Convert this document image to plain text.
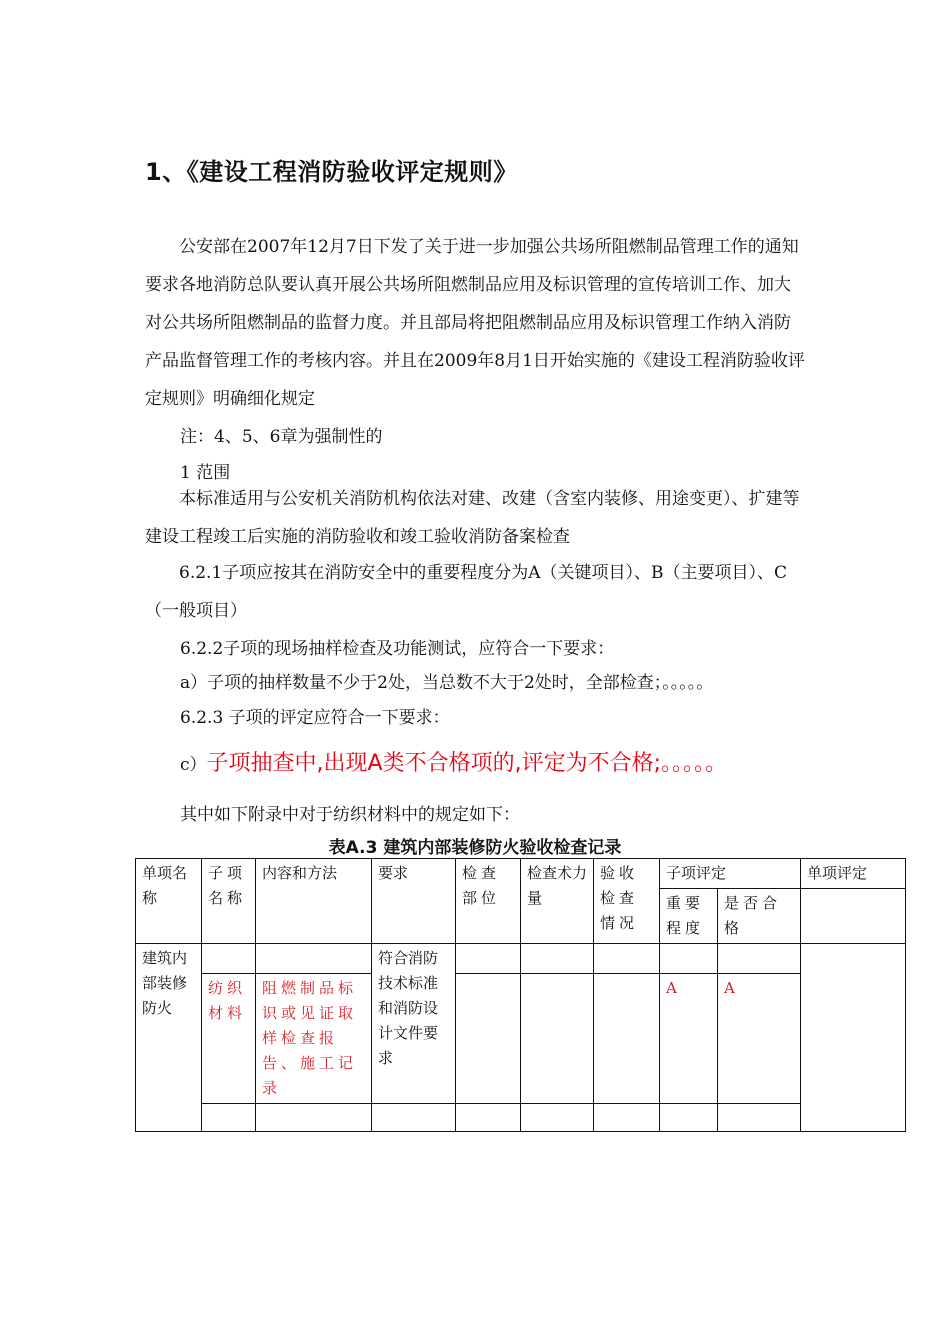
1、《建设工程消防验收评定规则》

公安部在2007年12月7日下发了关于进一步加强公共场所阻燃制品管理工作的通知要求各地消防总队要认真开展公共场所阻燃制品应用及标识管理的宣传培训工作、加大对公共场所阻燃制品的监督力度。并且部局将把阻燃制品应用及标识管理工作纳入消防产品监督管理工作的考核内容。并且在2009年8月1日开始实施的《建设工程消防验收评定规则》明确细化规定

注：4、5、6章为强制性的
1 范围

本标准适用与公安机关消防机构依法对建、改建（含室内装修、用途变更）、扩建等建设工程竣工后实施的消防验收和竣工验收消防备案检查

6.2.1子项应按其在消防安全中的重要程度分为A（关键项目）、B（主要项目）、C（一般项目）

6.2.2子项的现场抽样检查及功能测试，应符合一下要求：
a）子项的抽样数量不少于2处，当总数不大于2处时，全部检查；。。。。。
6.2.3 子项的评定应符合一下要求：
c）子项抽查中,出现A类不合格项的,评定为不合格;。。。。。
其中如下附录中对于纺织材料中的规定如下：
表A.3 建筑内部装修防火验收检查记录
单项名称	子项名称	内容和方法	要求	检查部位	检查术力量	验收检查情况	子项评定		单项评定
							重要程度	是否合格	
建筑内部装修防火			符合消防技术标准和消防设计文件要求						
	纺织材料	阻燃制品标识或见证取样检查报告、施工记录					A	A	
